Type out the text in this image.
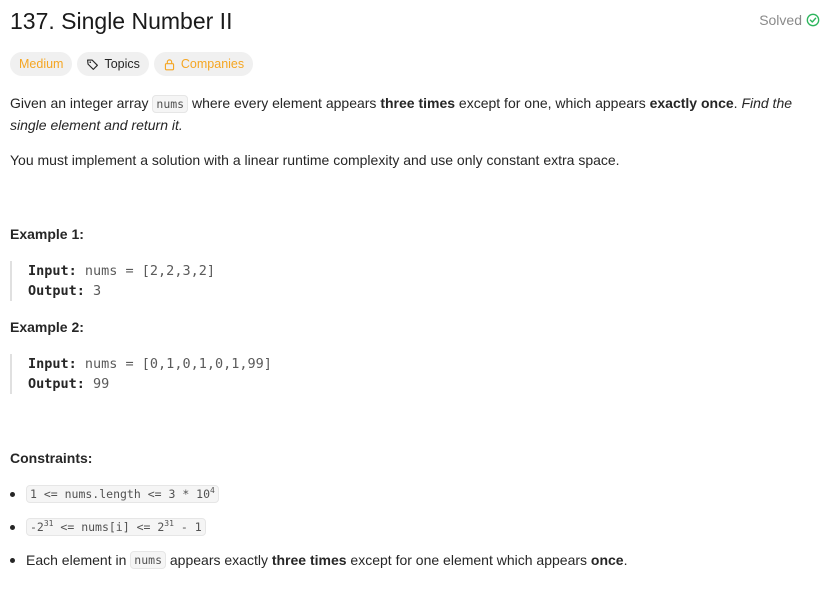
137. Single Number II	Solved
Medium	Topics	Companies
Given an integer array nums where every element appears three times except for one, which appears exactly once. Find the single element and return it.
You must implement a solution with a linear runtime complexity and use only constant extra space.
Example 1:
Input: nums = [2,2,3,2]
Output: 3
Example 2:
Input: nums = [0,1,0,1,0,1,99]
Output: 99
Constraints:
1 <= nums.length <= $3 * 10^4$
$-2^{31}$ <= nums[i] <= $2^{31} - 1$
Each element in nums appears exactly three times except for one element which appears once .
